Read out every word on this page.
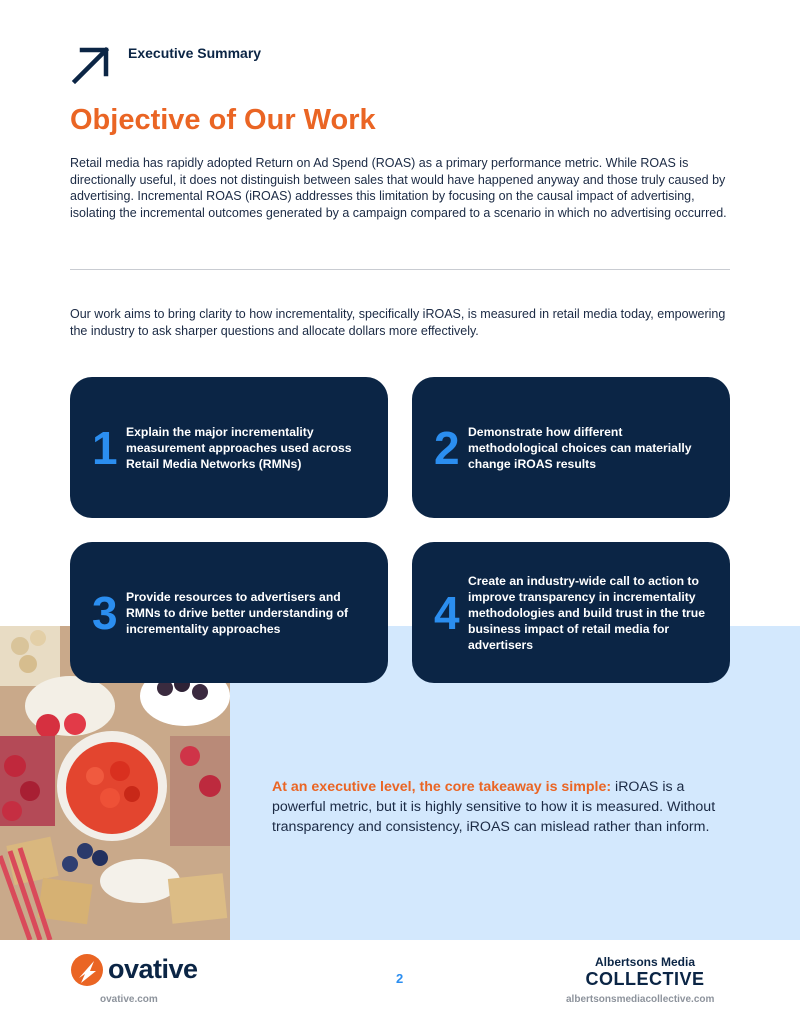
Executive Summary
Objective of Our Work

Retail media has rapidly adopted Return on Ad Spend (ROAS) as a primary performance metric. While ROAS is directionally useful, it does not distinguish between sales that would have happened anyway and those truly caused by advertising. Incremental ROAS (iROAS) addresses this limitation by focusing on the causal impact of advertising, isolating the incremental outcomes generated by a campaign compared to a scenario in which no advertising occurred.

Our work aims to bring clarity to how incrementality, specifically iROAS, is measured in retail media today, empowering the industry to ask sharper questions and allocate dollars more effectively.

1 Explain the major incrementality measurement approaches used across Retail Media Networks (RMNs)	2 Demonstrate how different methodological choices can materially change iROAS results

3 Provide resources to advertisers and RMNs to drive better understanding of incrementality approaches	4

Create an industry-wide call to action to improve transparency in incrementality methodologies and build trust in the true business impact of retail media for advertisers

At an executive level, the core takeaway is simple: iROAS is a powerful metric, but it is highly sensitive to how it is measured. Without transparency and consistency, iROAS can mislead rather than inform.

ovative	2
Albertsons Media
COLLECTIVE
ovative.com	albertsonsmediacollective.com
